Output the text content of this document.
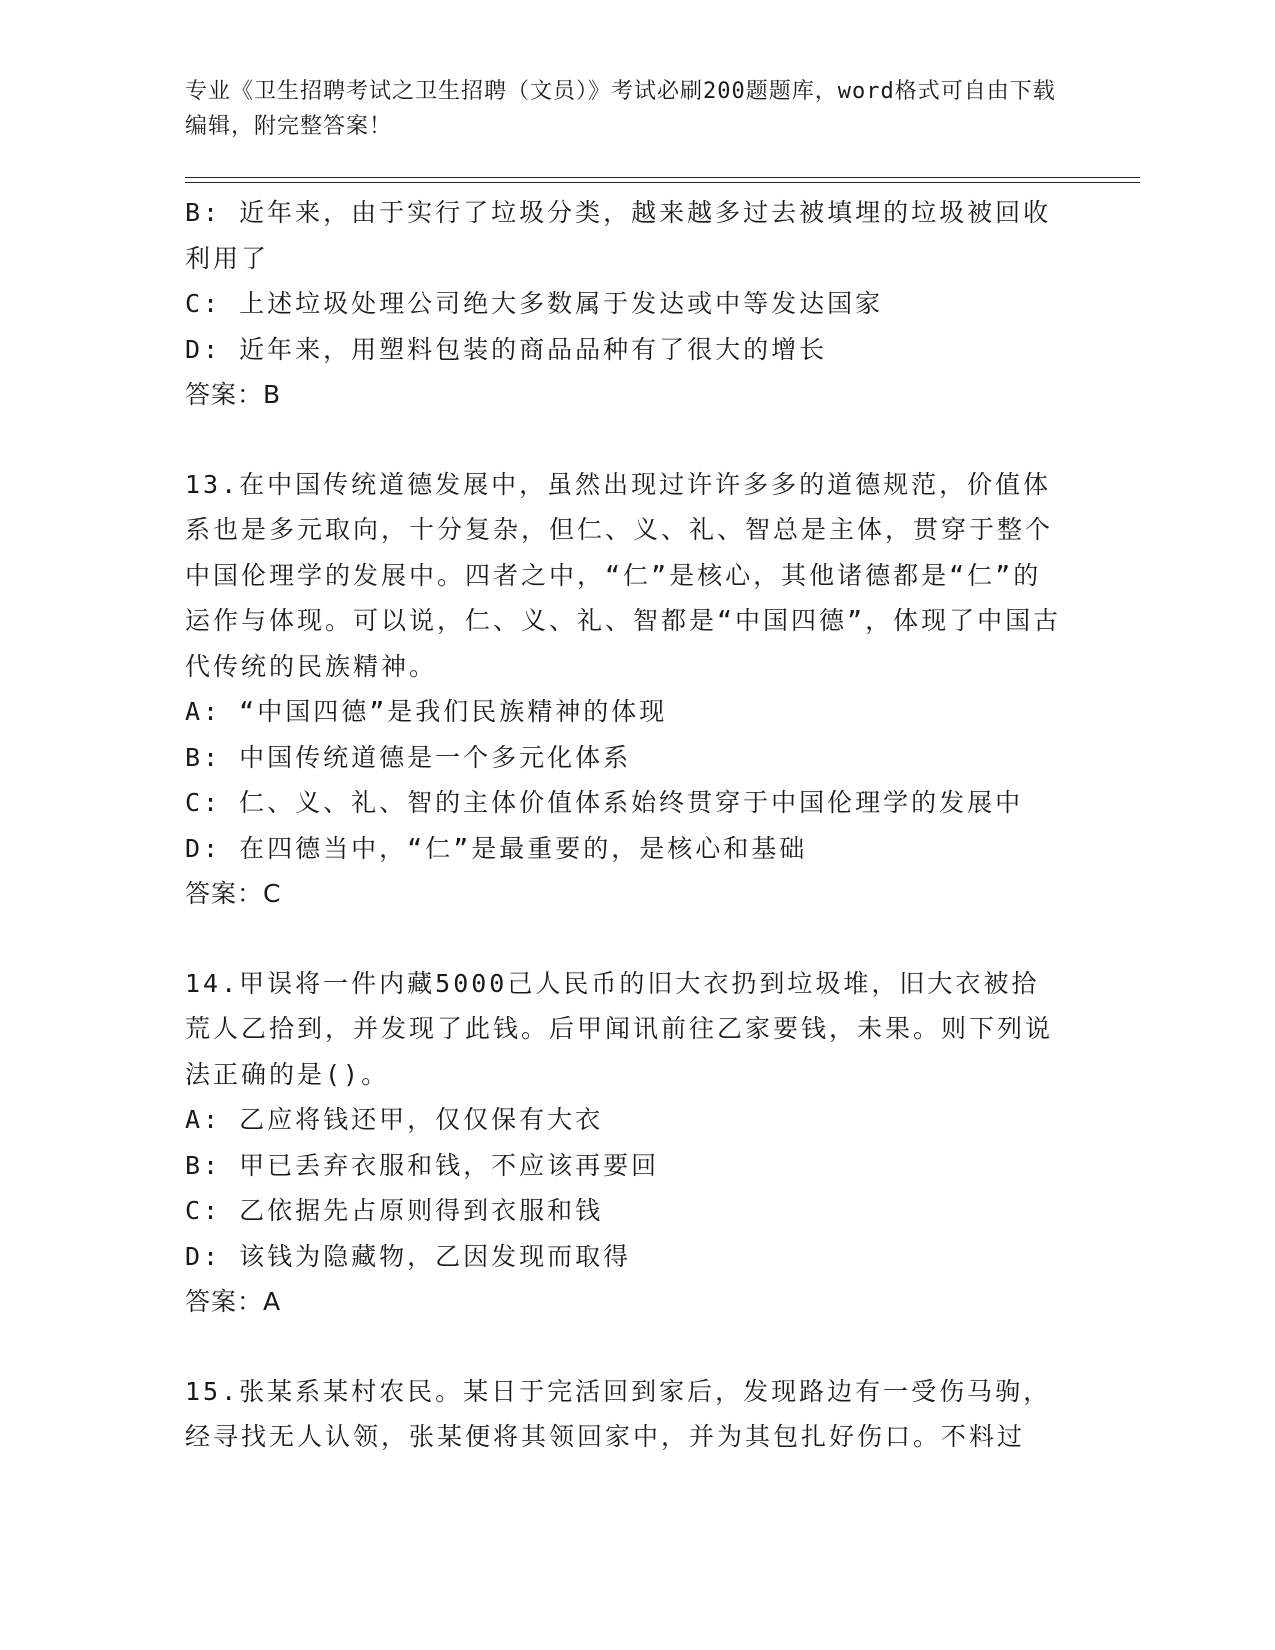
专业《卫生招聘考试之卫生招聘（文员）》考试必刷200题题库，word格式可自由下载编辑，附完整答案！
B: 近年来，由于实行了垃圾分类，越来越多过去被填埋的垃圾被回收利用了
C: 上述垃圾处理公司绝大多数属于发达或中等发达国家
D: 近年来，用塑料包装的商品品种有了很大的增长
答案：B
13.在中国传统道德发展中，虽然出现过许许多多的道德规范，价值体系也是多元取向，十分复杂，但仁、义、礼、智总是主体，贯穿于整个中国伦理学的发展中。四者之中，“仁”是核心，其他诸德都是“仁”的运作与体现。可以说，仁、义、礼、智都是“中国四德”，体现了中国古代传统的民族精神。
A: “中国四德”是我们民族精神的体现
B: 中国传统道德是一个多元化体系
C: 仁、义、礼、智的主体价值体系始终贯穿于中国伦理学的发展中
D: 在四德当中，“仁”是最重要的，是核心和基础
答案：C
14.甲误将一件内藏5000己人民币的旧大衣扔到垃圾堆，旧大衣被拾荒人乙拾到，并发现了此钱。后甲闻讯前往乙家要钱，未果。则下列说法正确的是()。
A: 乙应将钱还甲，仅仅保有大衣
B: 甲已丢弃衣服和钱，不应该再要回
C: 乙依据先占原则得到衣服和钱
D: 该钱为隐藏物，乙因发现而取得
答案：A
15.张某系某村农民。某日于完活回到家后，发现路边有一受伤马驹，经寻找无人认领，张某便将其领回家中，并为其包扎好伤口。不料过
